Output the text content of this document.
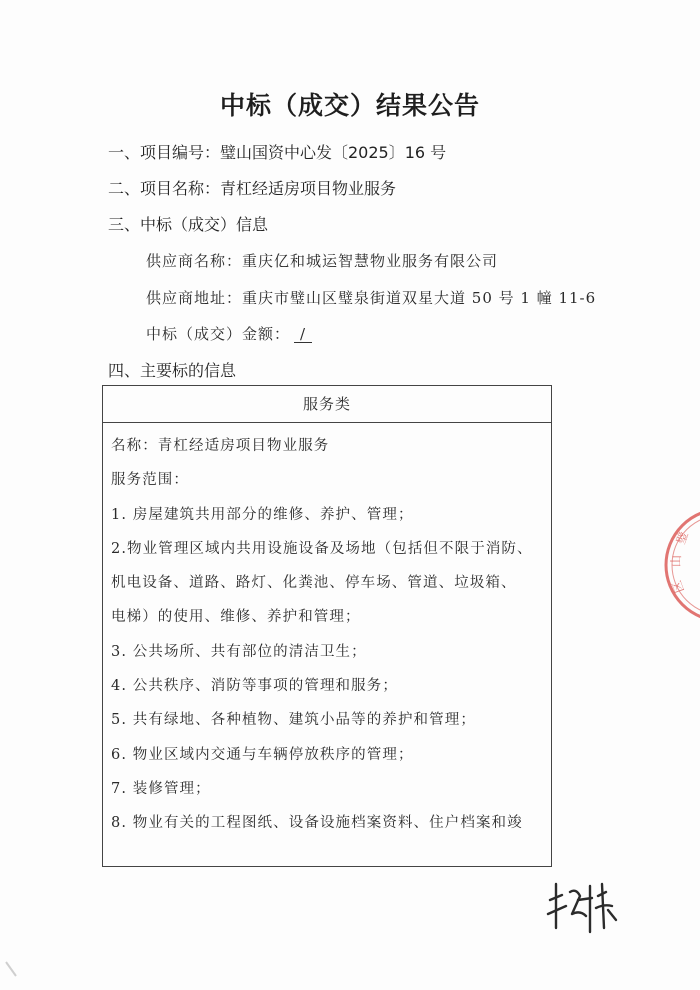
中标（成交）结果公告
一、项目编号：璧山国资中心发〔2025〕16 号
二、项目名称：青杠经适房项目物业服务
三、中标（成交）信息
供应商名称：重庆亿和城运智慧物业服务有限公司
供应商地址：重庆市璧山区璧泉街道双星大道 50 号 1 幢 11-6
中标（成交）金额： /
四、主要标的信息
服务类

名称：青杠经适房项目物业服务

服务范围：

1. 房屋建筑共用部分的维修、养护、管理；

2.物业管理区域内共用设施设备及场地（包括但不限于消防、

机电设备、道路、路灯、化粪池、停车场、管道、垃圾箱、

电梯）的使用、维修、养护和管理；

3. 公共场所、共有部位的清洁卫生；

4. 公共秩序、消防等事项的管理和服务；

5. 共有绿地、各种植物、建筑小品等的养护和管理；

6. 物业区域内交通与车辆停放秩序的管理；

7. 装修管理；

8. 物业有关的工程图纸、设备设施档案资料、住户档案和竣

璧
山
区
